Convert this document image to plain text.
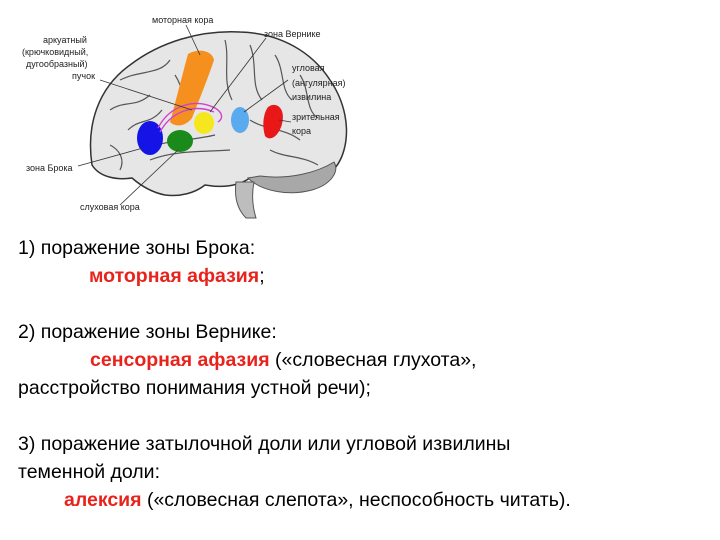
моторная кора
зона Вернике
аркуатный
(крючковидный,
дугообразный)
пучок
угловая
(ангулярная)
извилина
зрительная
кора
зона Брока
слуховая кора
1) поражение зоны Брока:
моторная афазия;
2) поражение зоны Вернике:
сенсорная афазия («словесная глухота»,
расстройство понимания устной речи);
3) поражение затылочной доли или угловой извилины
теменной доли:
алексия («словесная слепота», неспособность читать).
